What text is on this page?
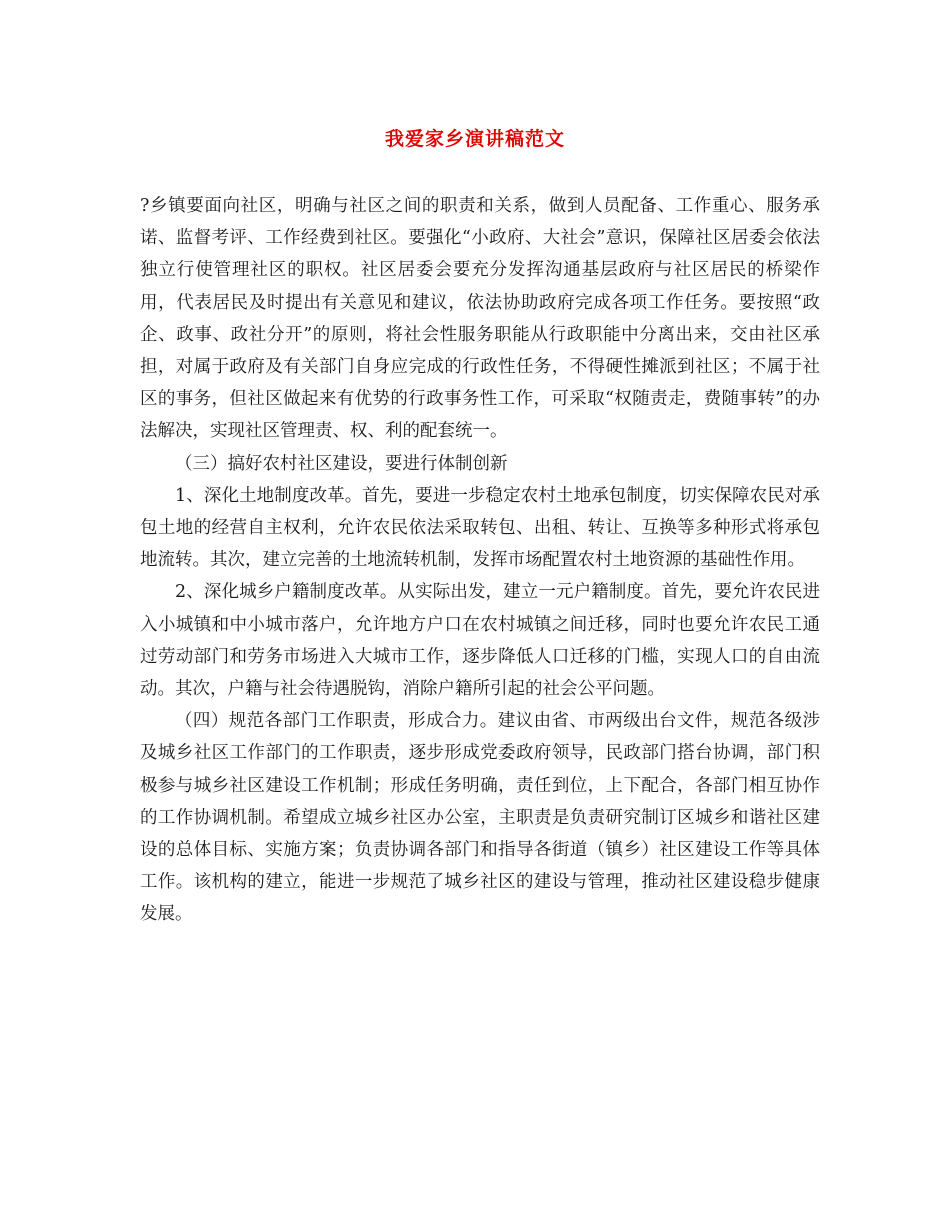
我爱家乡演讲稿范文

?乡镇要面向社区，明确与社区之间的职责和关系，做到人员配备、工作重心、服务承诺、监督考评、工作经费到社区。要强化“小政府、大社会”意识，保障社区居委会依法独立行使管理社区的职权。社区居委会要充分发挥沟通基层政府与社区居民的桥梁作用，代表居民及时提出有关意见和建议，依法协助政府完成各项工作任务。要按照“政企、政事、政社分开”的原则，将社会性服务职能从行政职能中分离出来，交由社区承担，对属于政府及有关部门自身应完成的行政性任务，不得硬性摊派到社区；不属于社区的事务，但社区做起来有优势的行政事务性工作，可采取“权随责走，费随事转”的办法解决，实现社区管理责、权、利的配套统一。

（三）搞好农村社区建设，要进行体制创新

1、深化土地制度改革。首先，要进一步稳定农村土地承包制度，切实保障农民对承包土地的经营自主权利，允许农民依法采取转包、出租、转让、互换等多种形式将承包地流转。其次，建立完善的土地流转机制，发挥市场配置农村土地资源的基础性作用。

2、深化城乡户籍制度改革。从实际出发，建立一元户籍制度。首先，要允许农民进入小城镇和中小城市落户，允许地方户口在农村城镇之间迁移，同时也要允许农民工通过劳动部门和劳务市场进入大城市工作，逐步降低人口迁移的门槛，实现人口的自由流动。其次，户籍与社会待遇脱钩，消除户籍所引起的社会公平问题。

（四）规范各部门工作职责，形成合力。建议由省、市两级出台文件，规范各级涉及城乡社区工作部门的工作职责，逐步形成党委政府领导，民政部门搭台协调，部门积极参与城乡社区建设工作机制；形成任务明确，责任到位，上下配合，各部门相互协作的工作协调机制。希望成立城乡社区办公室，主职责是负责研究制订区城乡和谐社区建设的总体目标、实施方案；负责协调各部门和指导各街道（镇乡）社区建设工作等具体工作。该机构的建立，能进一步规范了城乡社区的建设与管理，推动社区建设稳步健康发展。
